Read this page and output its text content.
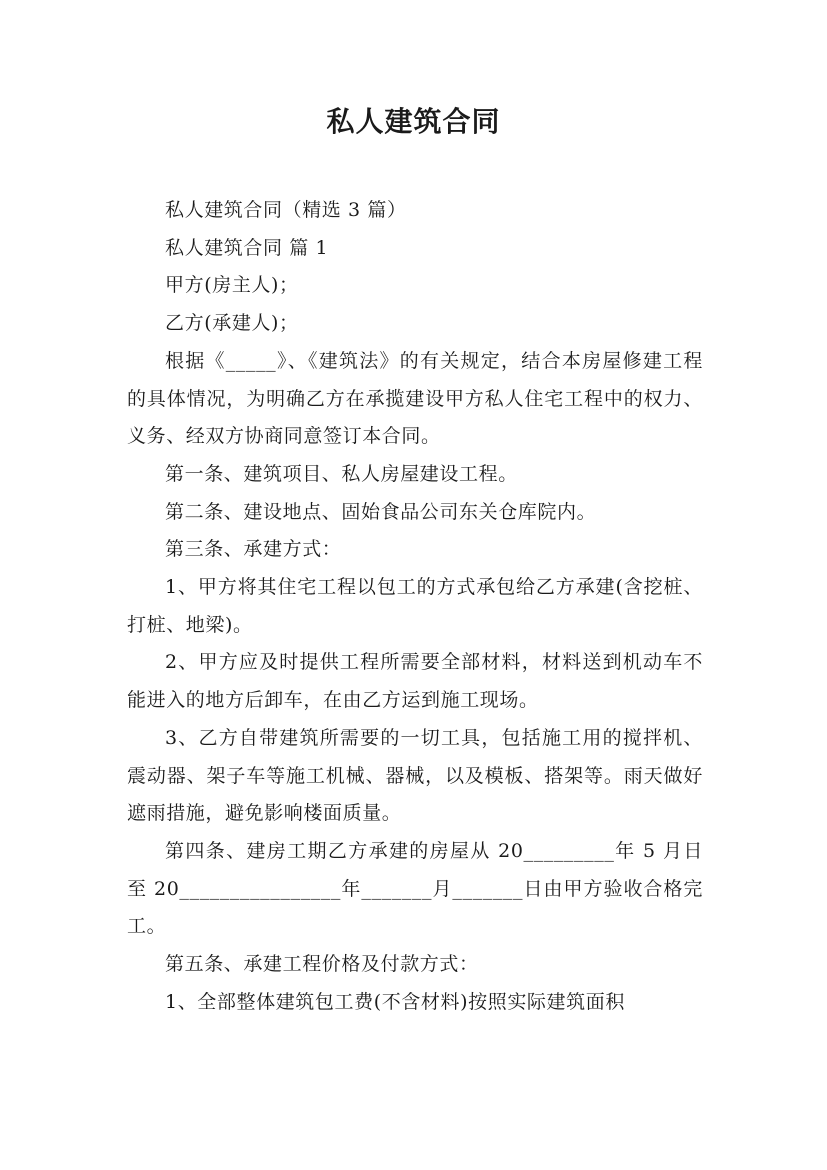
私人建筑合同

私人建筑合同（精选 3 篇）

私人建筑合同 篇 1

甲方(房主人)；

乙方(承建人)；

根据《_____》、《建筑法》的有关规定，结合本房屋修建工程的具体情况，为明确乙方在承揽建设甲方私人住宅工程中的权力、义务、经双方协商同意签订本合同。

第一条、建筑项目、私人房屋建设工程。

第二条、建设地点、固始食品公司东关仓库院内。

第三条、承建方式：

1、甲方将其住宅工程以包工的方式承包给乙方承建(含挖桩、打桩、地梁)。

2、甲方应及时提供工程所需要全部材料，材料送到机动车不能进入的地方后卸车，在由乙方运到施工现场。

3、乙方自带建筑所需要的一切工具，包括施工用的搅拌机、震动器、架子车等施工机械、器械，以及模板、搭架等。雨天做好遮雨措施，避免影响楼面质量。

第四条、建房工期乙方承建的房屋从 20_________年 5 月日至 20________________年_______月_______日由甲方验收合格完工。

第五条、承建工程价格及付款方式：

1、全部整体建筑包工费(不含材料)按照实际建筑面积
